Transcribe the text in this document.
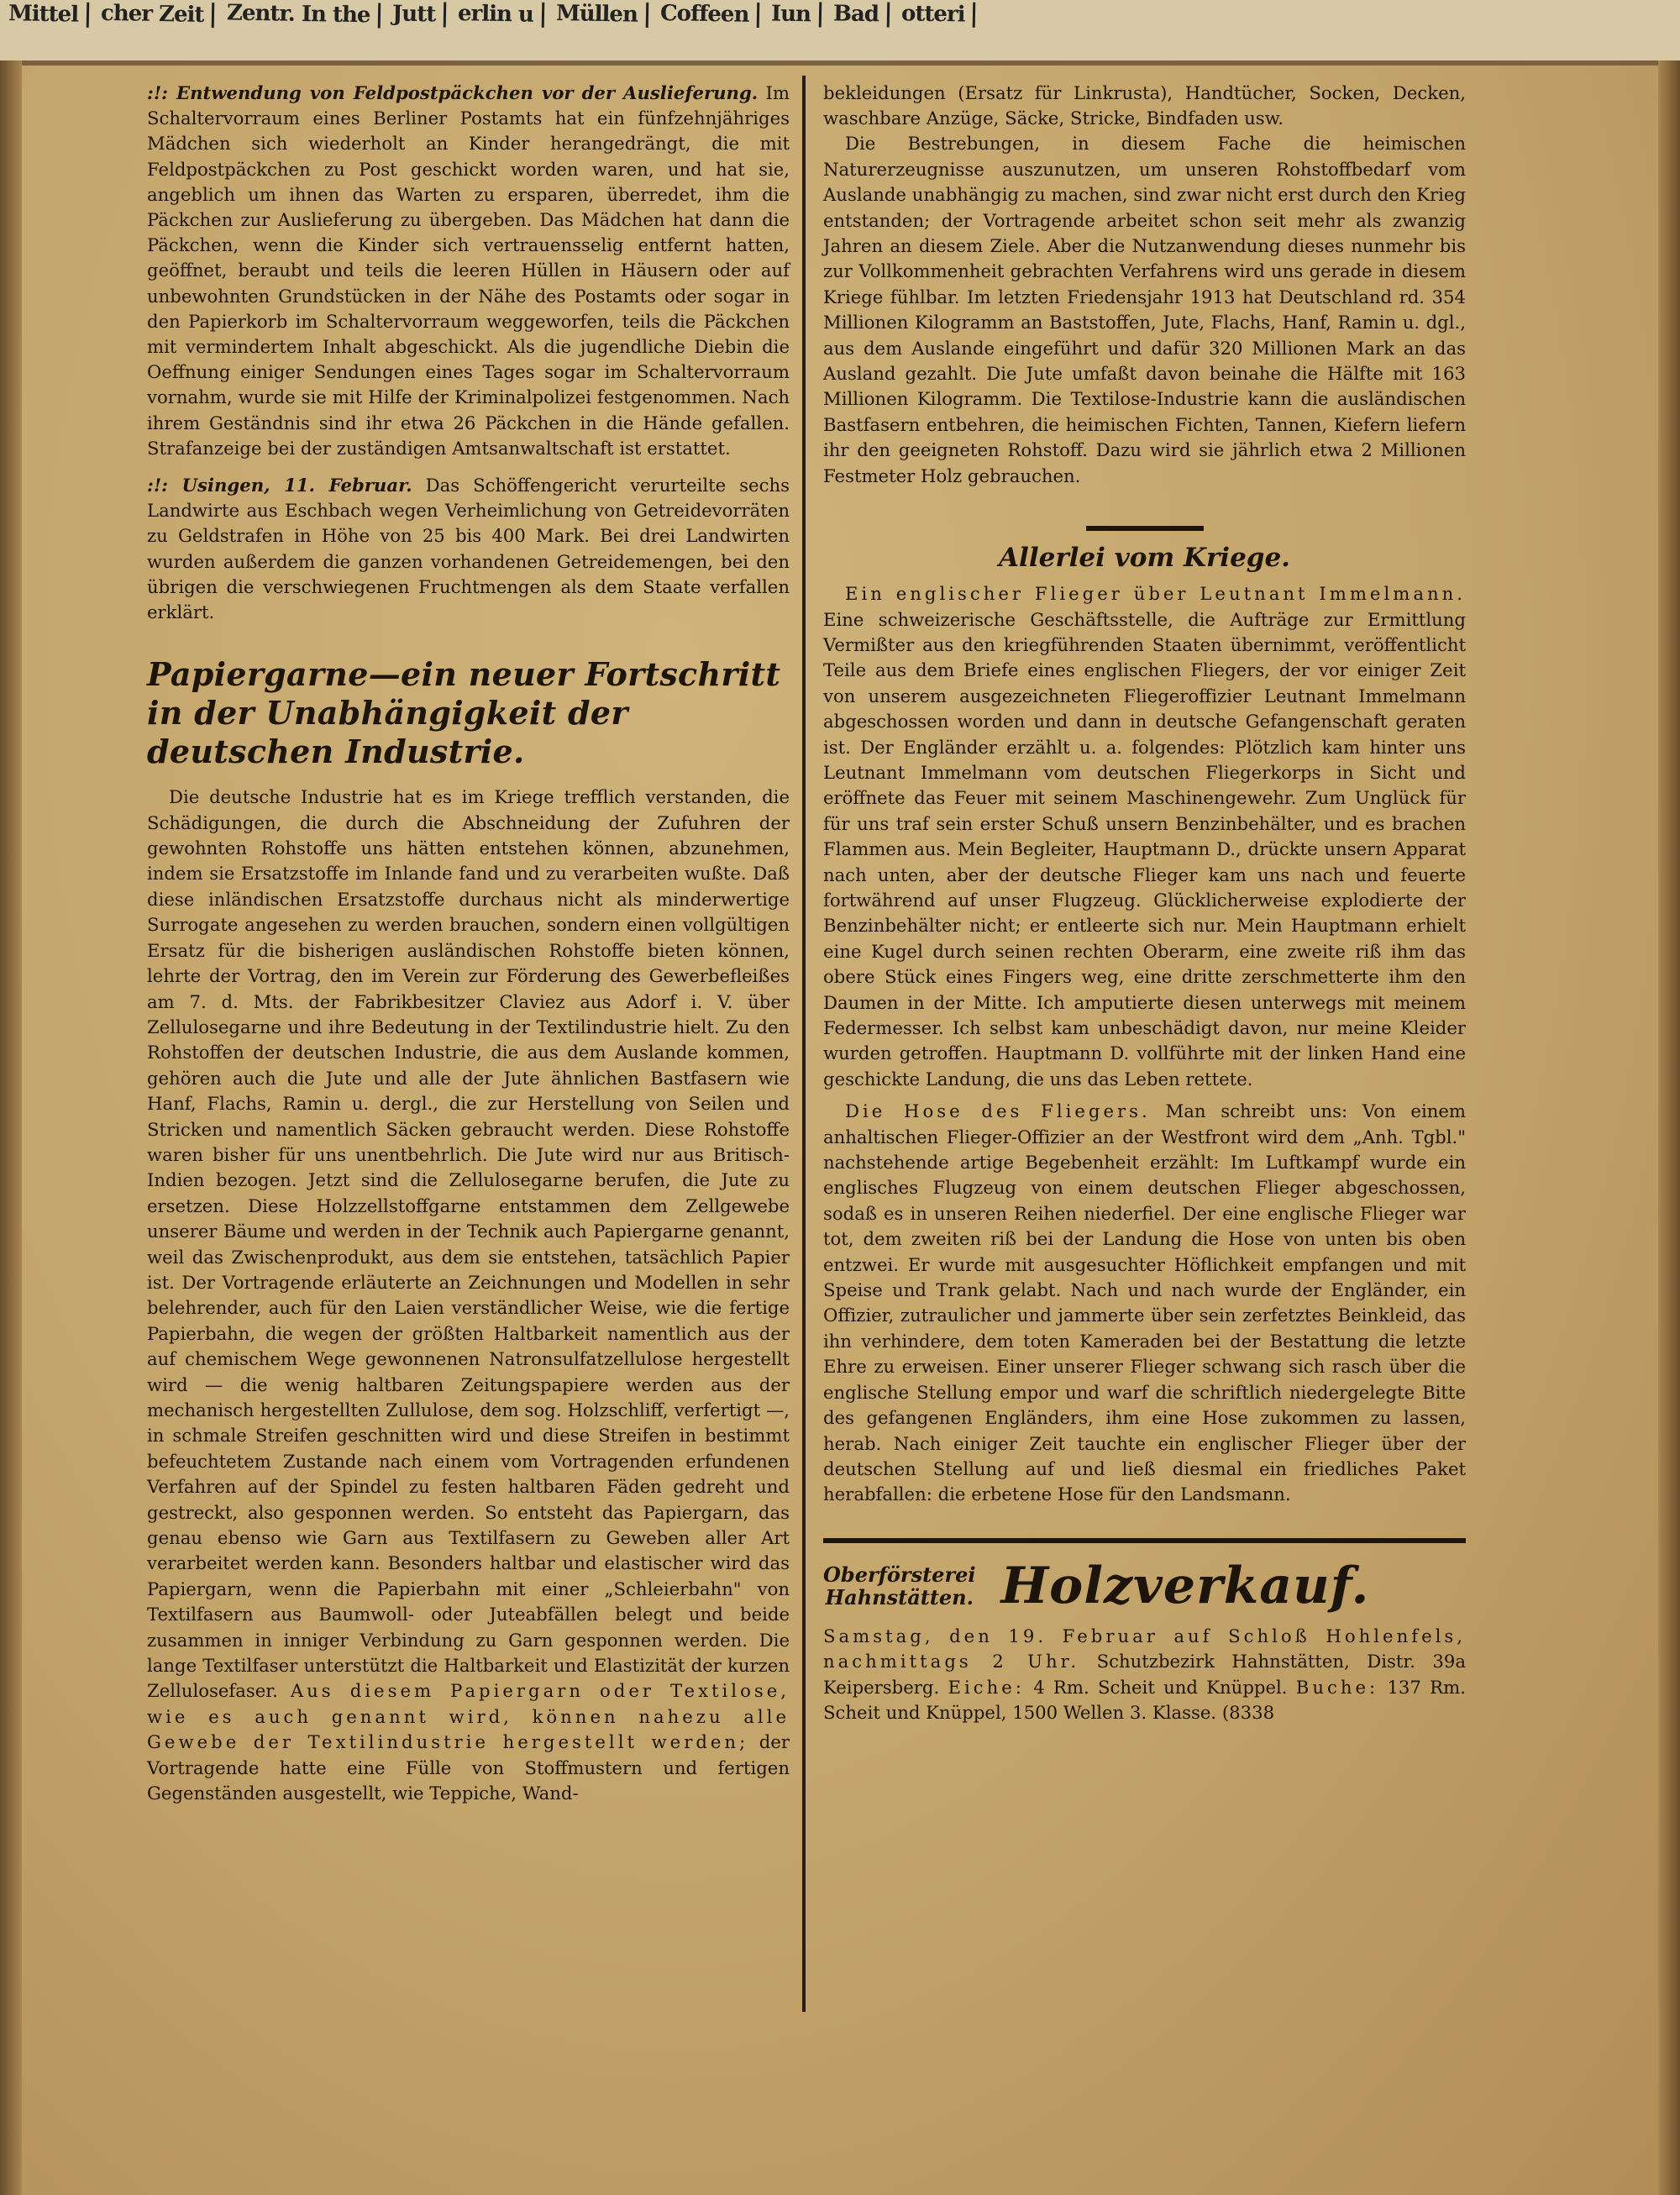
Mittel	cher Zeit	Zentr. In the	Jutt	erlin u	Müllen	Coffeen	Iun	Bad	otteri

:!: Entwendung von Feldpostpäckchen vor der Auslieferung. Im Schaltervorraum eines Berliner Postamts hat ein fünfzehnjähriges Mädchen sich wiederholt an Kinder herangedrängt, die mit Feldpostpäckchen zu Post geschickt worden waren, und hat sie, angeblich um ihnen das Warten zu ersparen, überredet, ihm die Päckchen zur Auslieferung zu übergeben. Das Mädchen hat dann die Päckchen, wenn die Kinder sich vertrauensselig entfernt hatten, geöffnet, beraubt und teils die leeren Hüllen in Häusern oder auf unbewohnten Grundstücken in der Nähe des Postamts oder sogar in den Papierkorb im Schaltervorraum weggeworfen, teils die Päckchen mit vermindertem Inhalt abgeschickt. Als die jugendliche Diebin die Oeffnung einiger Sendungen eines Tages sogar im Schaltervorraum vornahm, wurde sie mit Hilfe der Kriminalpolizei festgenommen. Nach ihrem Geständnis sind ihr etwa 26 Päckchen in die Hände gefallen. Strafanzeige bei der zuständigen Amtsanwaltschaft ist erstattet.

:!: Usingen, 11. Februar. Das Schöffengericht verurteilte sechs Landwirte aus Eschbach wegen Verheimlichung von Getreidevorräten zu Geldstrafen in Höhe von 25 bis 400 Mark. Bei drei Landwirten wurden außerdem die ganzen vorhandenen Getreidemengen, bei den übrigen die verschwiegenen Fruchtmengen als dem Staate verfallen erklärt.

Papiergarne—ein neuer Fortschritt in der Unabhängigkeit der deutschen Industrie.

Die deutsche Industrie hat es im Kriege trefflich verstanden, die Schädigungen, die durch die Abschneidung der Zufuhren der gewohnten Rohstoffe uns hätten entstehen können, abzunehmen, indem sie Ersatzstoffe im Inlande fand und zu verarbeiten wußte. Daß diese inländischen Ersatzstoffe durchaus nicht als minderwertige Surrogate angesehen zu werden brauchen, sondern einen vollgültigen Ersatz für die bisherigen ausländischen Rohstoffe bieten können, lehrte der Vortrag, den im Verein zur Förderung des Gewerbefleißes am 7. d. Mts. der Fabrikbesitzer Claviez aus Adorf i. V. über Zellulosegarne und ihre Bedeutung in der Textilindustrie hielt. Zu den Rohstoffen der deutschen Industrie, die aus dem Auslande kommen, gehören auch die Jute und alle der Jute ähnlichen Bastfasern wie Hanf, Flachs, Ramin u. dergl., die zur Herstellung von Seilen und Stricken und namentlich Säcken gebraucht werden. Diese Rohstoffe waren bisher für uns unentbehrlich. Die Jute wird nur aus Britisch-Indien bezogen. Jetzt sind die Zellulosegarne berufen, die Jute zu ersetzen. Diese Holzzellstoffgarne entstammen dem Zellgewebe unserer Bäume und werden in der Technik auch Papiergarne genannt, weil das Zwischenprodukt, aus dem sie entstehen, tatsächlich Papier ist. Der Vortragende erläuterte an Zeichnungen und Modellen in sehr belehrender, auch für den Laien verständlicher Weise, wie die fertige Papierbahn, die wegen der größten Haltbarkeit namentlich aus der auf chemischem Wege gewonnenen Natronsulfatzellulose hergestellt wird — die wenig haltbaren Zeitungspapiere werden aus der mechanisch hergestellten Zullulose, dem sog. Holzschliff, verfertigt —, in schmale Streifen geschnitten wird und diese Streifen in bestimmt befeuchtetem Zustande nach einem vom Vortragenden erfundenen Verfahren auf der Spindel zu festen haltbaren Fäden gedreht und gestreckt, also gesponnen werden. So entsteht das Papiergarn, das genau ebenso wie Garn aus Textilfasern zu Geweben aller Art verarbeitet werden kann. Besonders haltbar und elastischer wird das Papiergarn, wenn die Papierbahn mit einer „Schleierbahn" von Textilfasern aus Baumwoll- oder Juteabfällen belegt und beide zusammen in inniger Verbindung zu Garn gesponnen werden. Die lange Textilfaser unterstützt die Haltbarkeit und Elastizität der kurzen Zellulosefaser. Aus diesem Papiergarn oder Textilose, wie es auch genannt wird, können nahezu alle Gewebe der Textilindustrie hergestellt werden; der Vortragende hatte eine Fülle von Stoffmustern und fertigen Gegenständen ausgestellt, wie Teppiche, Wand-

bekleidungen (Ersatz für Linkrusta), Handtücher, Socken, Decken, waschbare Anzüge, Säcke, Stricke, Bindfaden usw.

Die Bestrebungen, in diesem Fache die heimischen Naturerzeugnisse auszunutzen, um unseren Rohstoffbedarf vom Auslande unabhängig zu machen, sind zwar nicht erst durch den Krieg entstanden; der Vortragende arbeitet schon seit mehr als zwanzig Jahren an diesem Ziele. Aber die Nutzanwendung dieses nunmehr bis zur Vollkommenheit gebrachten Verfahrens wird uns gerade in diesem Kriege fühlbar. Im letzten Friedensjahr 1913 hat Deutschland rd. 354 Millionen Kilogramm an Baststoffen, Jute, Flachs, Hanf, Ramin u. dgl., aus dem Auslande eingeführt und dafür 320 Millionen Mark an das Ausland gezahlt. Die Jute umfaßt davon beinahe die Hälfte mit 163 Millionen Kilogramm. Die Textilose-Industrie kann die ausländischen Bastfasern entbehren, die heimischen Fichten, Tannen, Kiefern liefern ihr den geeigneten Rohstoff. Dazu wird sie jährlich etwa 2 Millionen Festmeter Holz gebrauchen.

Allerlei vom Kriege.

Ein englischer Flieger über Leutnant Immelmann. Eine schweizerische Geschäftsstelle, die Aufträge zur Ermittlung Vermißter aus den kriegführenden Staaten übernimmt, veröffentlicht Teile aus dem Briefe eines englischen Fliegers, der vor einiger Zeit von unserem ausgezeichneten Fliegeroffizier Leutnant Immelmann abgeschossen worden und dann in deutsche Gefangenschaft geraten ist. Der Engländer erzählt u. a. folgendes: Plötzlich kam hinter uns Leutnant Immelmann vom deutschen Fliegerkorps in Sicht und eröffnete das Feuer mit seinem Maschinengewehr. Zum Unglück für für uns traf sein erster Schuß unsern Benzinbehälter, und es brachen Flammen aus. Mein Begleiter, Hauptmann D., drückte unsern Apparat nach unten, aber der deutsche Flieger kam uns nach und feuerte fortwährend auf unser Flugzeug. Glücklicherweise explodierte der Benzinbehälter nicht; er entleerte sich nur. Mein Hauptmann erhielt eine Kugel durch seinen rechten Oberarm, eine zweite riß ihm das obere Stück eines Fingers weg, eine dritte zerschmetterte ihm den Daumen in der Mitte. Ich amputierte diesen unterwegs mit meinem Federmesser. Ich selbst kam unbeschädigt davon, nur meine Kleider wurden getroffen. Hauptmann D. vollführte mit der linken Hand eine geschickte Landung, die uns das Leben rettete.

Die Hose des Fliegers. Man schreibt uns: Von einem anhaltischen Flieger-Offizier an der Westfront wird dem „Anh. Tgbl." nachstehende artige Begebenheit erzählt: Im Luftkampf wurde ein englisches Flugzeug von einem deutschen Flieger abgeschossen, sodaß es in unseren Reihen niederfiel. Der eine englische Flieger war tot, dem zweiten riß bei der Landung die Hose von unten bis oben entzwei. Er wurde mit ausgesuchter Höflichkeit empfangen und mit Speise und Trank gelabt. Nach und nach wurde der Engländer, ein Offizier, zutraulicher und jammerte über sein zerfetztes Beinkleid, das ihn verhindere, dem toten Kameraden bei der Bestattung die letzte Ehre zu erweisen. Einer unserer Flieger schwang sich rasch über die englische Stellung empor und warf die schriftlich niedergelegte Bitte des gefangenen Engländers, ihm eine Hose zukommen zu lassen, herab. Nach einiger Zeit tauchte ein englischer Flieger über der deutschen Stellung auf und ließ diesmal ein friedliches Paket herabfallen: die erbetene Hose für den Landsmann.

Oberförsterei
Hahnstätten. Holzverkauf.

Samstag, den 19. Februar auf Schloß Hohlenfels, nachmittags 2 Uhr. Schutzbezirk Hahnstätten, Distr. 39a Keipersberg. Eiche: 4 Rm. Scheit und Knüppel. Buche: 137 Rm. Scheit und Knüppel, 1500 Wellen 3. Klasse. (8338
